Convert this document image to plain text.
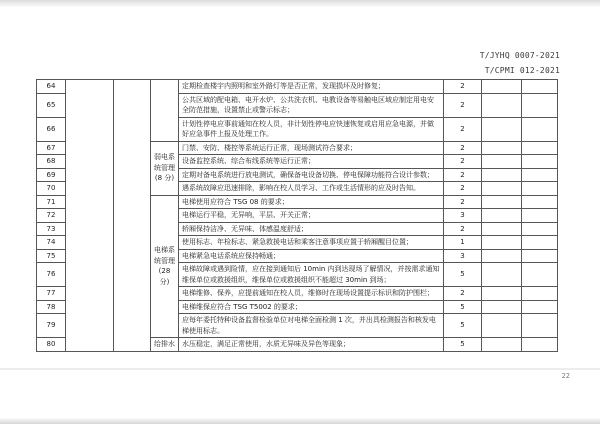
T/JYHQ 0007-2021
T/CPMI 012-2021
64				定期检查楼宇内照明和室外路灯等是否正常，发现损坏及时修复；	2		
65				公共区域的配电箱、电开水炉、公共洗衣机、电教设备等易触电区域应制定用电安全防范措施，设置禁止或警示标志；	2		
66				计划性停电应事前通知在校人员，非计划性停电应快速恢复或启用应急电源，并做好应急事件上报及处理工作。	2		
67			弱电系统管理(8 分)	门禁、安防、楼控等系统运行正常，现场测试符合要求；	2		
68				设备监控系统、综合布线系统等运行正常；	2		
69				定期对备电系统进行放电测试，确保备电设备切换、停电保障功能符合设计参数；	2		
70				遇系统故障应迅速排除，影响在校人员学习、工作或生活情形的应及时告知。	2		
71			电梯系统管理(28 分)	电梯使用应符合 TSG 08 的要求；	2		
72				电梯运行平稳，无异响，平层、开关正常；	3		
73				轿厢保持洁净、无异味、体感温度舒适；	2		
74				使用标志、年检标志、紧急救援电话和乘客注意事项应置于轿厢醒目位置；	1		
75				电梯紧急电话系统应保持畅通；	3		
76				电梯故障或遇到险情，应在接到通知后 10min 内到达现场了解情况，并按需求通知维保单位或救援组织，维保单位或救援组织不能超过 30min 到场；	5		
77				电梯维修、保养，应提前通知在校人员，维修时在现场设置提示标识和防护围栏；	2		
78				电梯维保应符合 TSG T5002 的要求；	5		
79				应每年委托特种设备监督检验单位对电梯全面检测 1 次，并出具检测报告和核发电梯使用标志。	5		
80			给排水	水压稳定，满足正常使用，水质无异味及异色等现象；	5		
22
